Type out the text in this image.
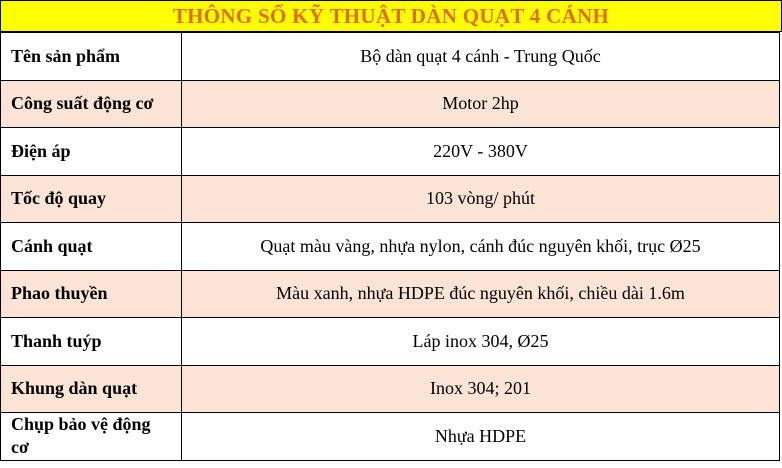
THÔNG SỐ KỸ THUẬT DÀN QUẠT 4 CÁNH
Tên sản phẩm	Bộ dàn quạt 4 cánh - Trung Quốc
Công suất động cơ	Motor 2hp
Điện áp	220V - 380V
Tốc độ quay	103 vòng/ phút
Cánh quạt	Quạt màu vàng, nhựa nylon, cánh đúc nguyên khối, trục Ø25
Phao thuyền	Màu xanh, nhựa HDPE đúc nguyên khối, chiều dài 1.6m
Thanh tuýp	Láp inox 304, Ø25
Khung dàn quạt	Inox 304; 201
Chụp bảo vệ động cơ	Nhựa HDPE
